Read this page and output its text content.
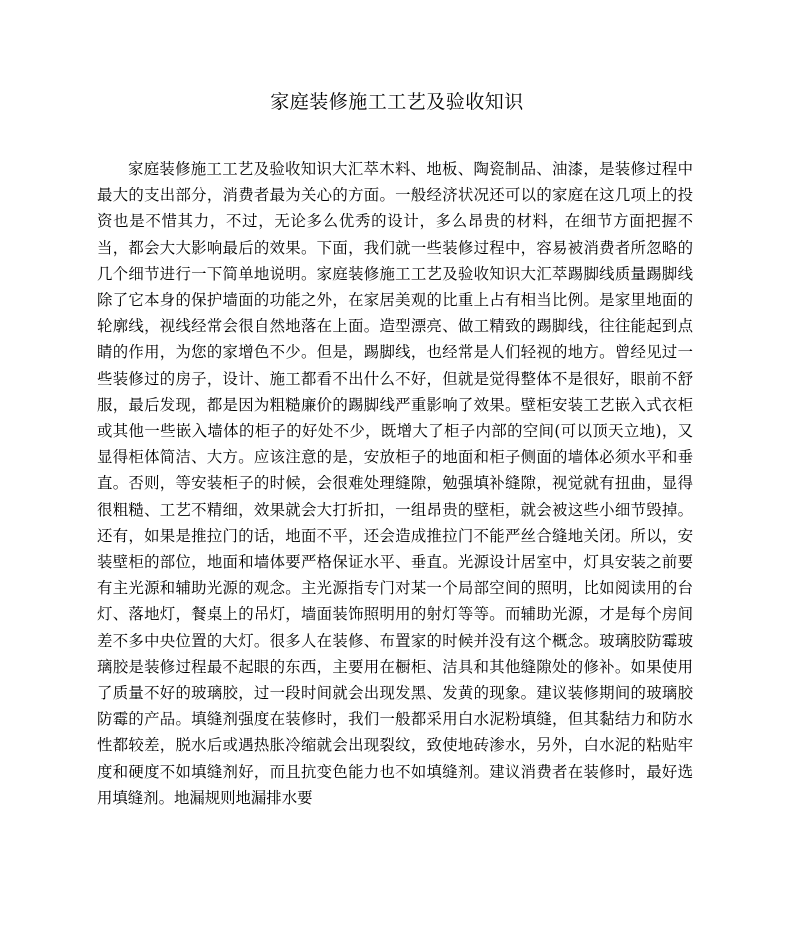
家庭装修施工工艺及验收知识

家庭装修施工工艺及验收知识大汇萃木料、地板、陶瓷制品、油漆，是装修过程中最大的支出部分，消费者最为关心的方面。一般经济状况还可以的家庭在这几项上的投资也是不惜其力，不过，无论多么优秀的设计，多么昂贵的材料，在细节方面把握不当，都会大大影响最后的效果。下面，我们就一些装修过程中，容易被消费者所忽略的几个细节进行一下简单地说明。家庭装修施工工艺及验收知识大汇萃踢脚线质量踢脚线除了它本身的保护墙面的功能之外，在家居美观的比重上占有相当比例。是家里地面的轮廓线，视线经常会很自然地落在上面。造型漂亮、做工精致的踢脚线，往往能起到点睛的作用，为您的家增色不少。但是，踢脚线，也经常是人们轻视的地方。曾经见过一些装修过的房子，设计、施工都看不出什么不好，但就是觉得整体不是很好，眼前不舒服，最后发现，都是因为粗糙廉价的踢脚线严重影响了效果。壁柜安装工艺嵌入式衣柜或其他一些嵌入墙体的柜子的好处不少，既增大了柜子内部的空间(可以顶天立地)，又显得柜体简洁、大方。应该注意的是，安放柜子的地面和柜子侧面的墙体必须水平和垂直。否则，等安装柜子的时候，会很难处理缝隙，勉强填补缝隙，视觉就有扭曲，显得很粗糙、工艺不精细，效果就会大打折扣，一组昂贵的壁柜，就会被这些小细节毁掉。还有，如果是推拉门的话，地面不平，还会造成推拉门不能严丝合缝地关闭。所以，安装壁柜的部位，地面和墙体要严格保证水平、垂直。光源设计居室中，灯具安装之前要有主光源和辅助光源的观念。主光源指专门对某一个局部空间的照明，比如阅读用的台灯、落地灯，餐桌上的吊灯，墙面装饰照明用的射灯等等。而辅助光源，才是每个房间差不多中央位置的大灯。很多人在装修、布置家的时候并没有这个概念。玻璃胶防霉玻璃胶是装修过程最不起眼的东西，主要用在橱柜、洁具和其他缝隙处的修补。如果使用了质量不好的玻璃胶，过一段时间就会出现发黑、发黄的现象。建议装修期间的玻璃胶防霉的产品。填缝剂强度在装修时，我们一般都采用白水泥粉填缝，但其黏结力和防水性都较差，脱水后或遇热胀冷缩就会出现裂纹，致使地砖渗水，另外，白水泥的粘贴牢度和硬度不如填缝剂好，而且抗变色能力也不如填缝剂。建议消费者在装修时，最好选用填缝剂。地漏规则地漏排水要
